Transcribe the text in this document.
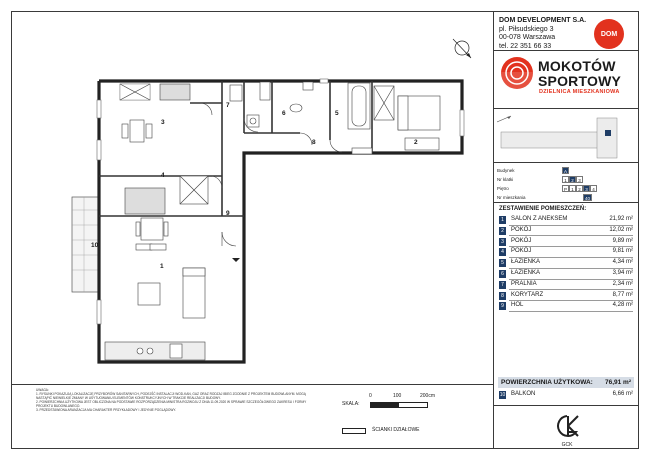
1
2
3
4
5
6
7
8
9
10
DOM DEVELOPMENT S.A.
pl. Piłsudskiego 3
00-078 Warszawa
tel. 22 351 66 33
DOM
MOKOTÓW
SPORTOWY
DZIELNICA MIESZKANIOWA
Budynek	A
Nr klatki	1 2 3
Piętro	P 1 2 3 4
Nr mieszkania	40
ZESTAWIENIE POMIESZCZEŃ:
1	SALON Z ANEKSEM	21,92 m²
2	POKÓJ	12,02 m²
3	POKÓJ	9,89 m²
4	POKÓJ	9,81 m²
5	ŁAZIENKA	4,34 m²
6	ŁAZIENKA	3,94 m²
7	PRALNIA	2,34 m²
8	KORYTARZ	8,77 m²
9	HOL	4,28 m²
POWIERZCHNIA UŻYTKOWA: 76,91 m²
10 BALKON	6,66 m²
GCK
UWAGA:
1. RYSUNKI POKAZUJĄ LOKALIZACJĘ PRZYBORÓW SANITARNYCH, PODEJŚĆ INSTALACJI WOD-KAN, GAZ ORAZ RODZAJ IBIEG ZGODNIE Z PROJEKTEM BUDOWLANYM. MOGĄ NASTĄPIĆ NIEWIELKIE ZMIANY W USYTUOWANIU ELEMENTÓW KONSTRUKCYJNYCH W TRAKCIE REALIZACJI BUDOWY.
2. POWIERZCHNIA UŻYTKOWA JEST OBLICZONA NA PODSTAWIE ROZPORZĄDZENIA MINISTRA ROZWOJU Z DNIA 11.09.2020 W SPRAWIE SZCZEGÓŁOWEGO ZAKRESU I FORMY PROJEKTU BUDOWLANEGO.
3. PRZEDSTAWIONA ARANŻACJA MA CHARAKTER PRZYKŁADOWY I JEDYNIE POGLĄDOWY.
SKALA:
0	100	200cm
ŚCIANKI DZIAŁOWE
